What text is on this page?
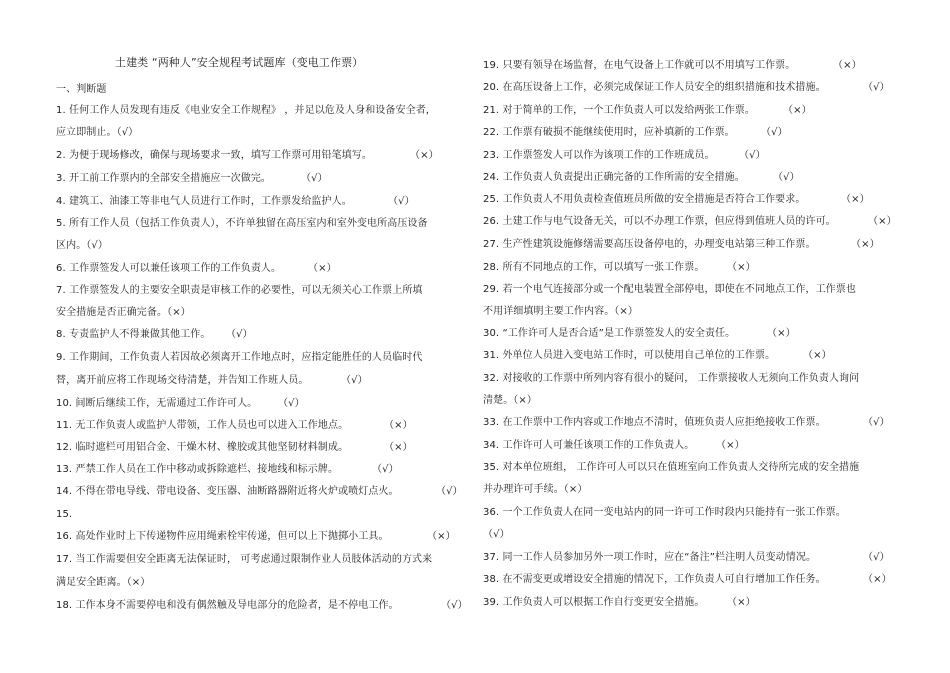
土建类 “两种人”安全规程考试题库（变电工作票）
一、判断题
1. 任何工作人员发现有违反《电业安全工作规程》 ，并足以危及人身和设备安全者，
应立即制止。（√）
2. 为便于现场修改，确保与现场要求一致，填写工作票可用铅笔填写。	（×）
3. 开工前工作票内的全部安全措施应一次做完。	（√）
4. 建筑工、油漆工等非电气人员进行工作时，工作票发给监护人。	（√）
5. 所有工作人员（包括工作负责人），不许单独留在高压室内和室外变电所高压设备
区内。（√）
6. 工作票签发人可以兼任该项工作的工作负责人。	（×）
7. 工作票签发人的主要安全职责是审核工作的必要性，可以无须关心工作票上所填
安全措施是否正确完备。（×）
8. 专责监护人不得兼做其他工作。 （√）
9. 工作期间，工作负责人若因故必须离开工作地点时，应指定能胜任的人员临时代
替，离开前应将工作现场交待清楚，并告知工作班人员。	（√）
10. 间断后继续工作，无需通过工作许可人。 （√）
11. 无工作负责人或监护人带领，工作人员也可以进入工作地点。	（×）
12. 临时遮栏可用铝合金、干燥木材、橡胶或其他坚韧材料制成。	（×）
13. 严禁工作人员在工作中移动或拆除遮栏、接地线和标示牌。	（√）
14. 不得在带电导线、带电设备、变压器、油断路器附近将火炉或喷灯点火。	（√）
15.
16. 高处作业时上下传递物件应用绳索栓牢传递，但可以上下抛掷小工具。	（×）
17. 当工作需要但安全距离无法保证时， 可考虑通过限制作业人员肢体活动的方式来
满足安全距离。（×）
18. 工作本身不需要停电和没有偶然触及导电部分的危险者，是不停电工作。	（√）
19. 只要有领导在场监督，在电气设备上工作就可以不用填写工作票。	（×）
20. 在高压设备上工作，必须完成保证工作人员安全的组织措施和技术措施。	（√）
21. 对于简单的工作，一个工作负责人可以发给两张工作票。	（×）
22. 工作票有破损不能继续使用时，应补填新的工作票。	（√）
23. 工作票签发人可以作为该项工作的工作班成员。 （√）
24. 工作负责人负责提出正确完备的工作所需的安全措施。	（√）
25. 工作负责人不用负责检查值班员所做的安全措施是否符合工作要求。	（×）
26. 土建工作与电气设备无关，可以不办理工作票，但应得到值班人员的许可。	（×）
27. 生产性建筑设施修缮需要高压设备停电的，办理变电站第三种工作票。	（×）
28. 所有不同地点的工作，可以填写一张工作票。 （×）
29. 若一个电气连接部分或一个配电装置全部停电，即使在不同地点工作，工作票也
不用详细填明主要工作内容。（×）
30. “工作许可人是否合适”是工作票签发人的安全责任。	（×）
31. 外单位人员进入变电站工作时，可以使用自己单位的工作票。	（×）
32. 对接收的工作票中所列内容有很小的疑问， 工作票接收人无须向工作负责人询问
清楚。（×）
33. 在工作票中工作内容或工作地点不清时，值班负责人应拒绝接收工作票。	（√）
34. 工作许可人可兼任该项工作的工作负责人。 （×）
35. 对本单位班组， 工作许可人可以只在值班室向工作负责人交待所完成的安全措施
并办理许可手续。（×）
36. 一个工作负责人在同一变电站内的同一许可工作时段内只能持有一张工作票。
（√）
37. 同一工作人员参加另外一项工作时，应在“备注”栏注明人员变动情况。	（√）
38. 在不需变更或增设安全措施的情况下，工作负责人可自行增加工作任务。	（×）
39. 工作负责人可以根据工作自行变更安全措施。 （×）
